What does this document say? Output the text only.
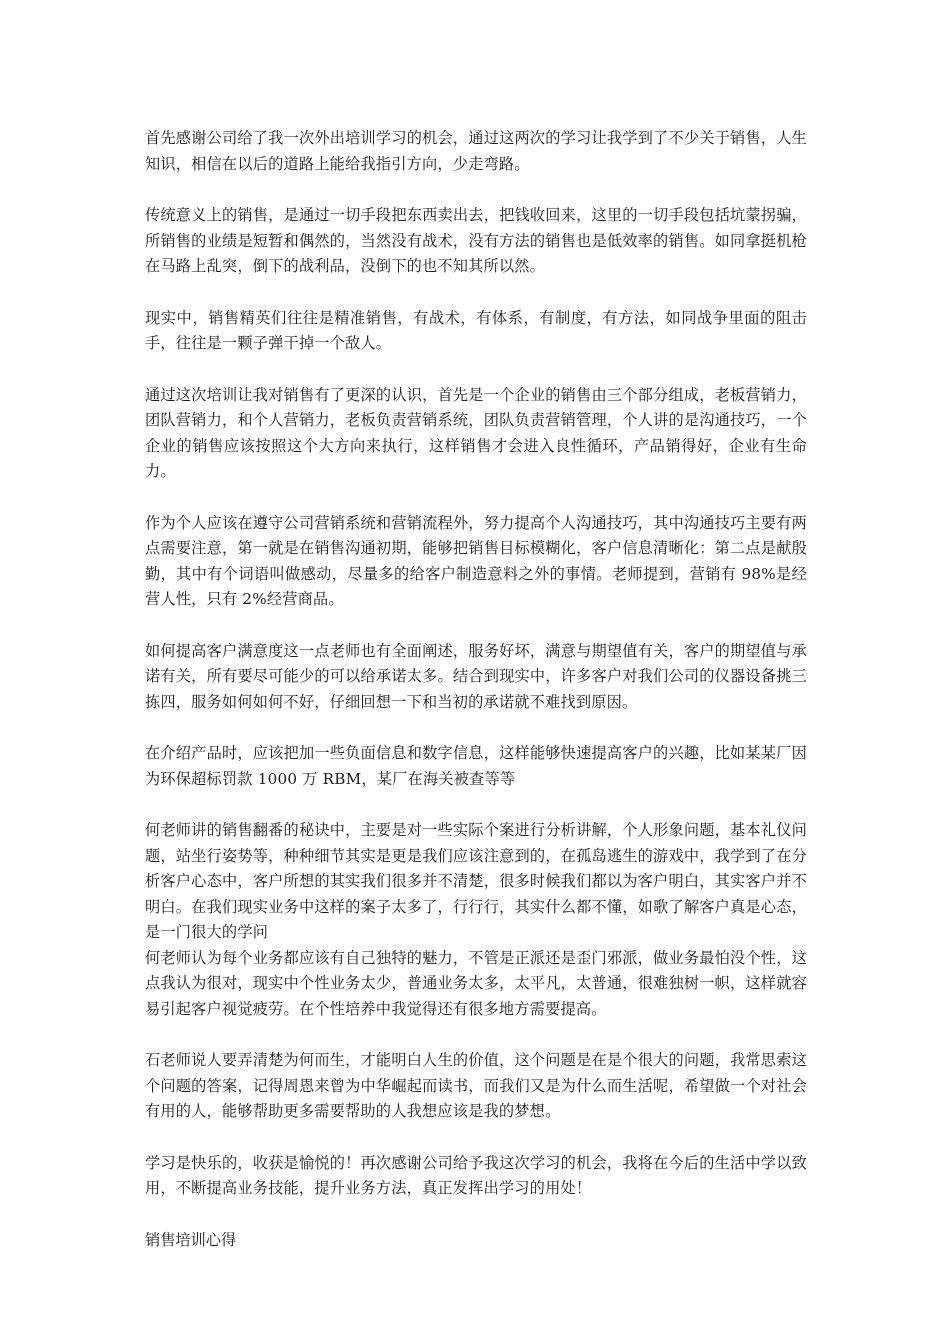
首先感谢公司给了我一次外出培训学习的机会，通过这两次的学习让我学到了不少关于销售，人生知识，相信在以后的道路上能给我指引方向，少走弯路。

传统意义上的销售，是通过一切手段把东西卖出去，把钱收回来，这里的一切手段包括坑蒙拐骗，所销售的业绩是短暂和偶然的，当然没有战术，没有方法的销售也是低效率的销售。如同拿挺机枪在马路上乱突，倒下的战利品，没倒下的也不知其所以然。

现实中，销售精英们往往是精准销售，有战术，有体系，有制度，有方法，如同战争里面的阻击手，往往是一颗子弹干掉一个敌人。

通过这次培训让我对销售有了更深的认识，首先是一个企业的销售由三个部分组成，老板营销力，团队营销力，和个人营销力，老板负责营销系统，团队负责营销管理，个人讲的是沟通技巧，一个企业的销售应该按照这个大方向来执行，这样销售才会进入良性循环，产品销得好，企业有生命力。

作为个人应该在遵守公司营销系统和营销流程外，努力提高个人沟通技巧，其中沟通技巧主要有两点需要注意，第一就是在销售沟通初期，能够把销售目标模糊化，客户信息清晰化：第二点是献殷勤，其中有个词语叫做感动，尽量多的给客户制造意料之外的事情。老师提到，营销有 98%是经营人性，只有 2%经营商品。

如何提高客户满意度这一点老师也有全面阐述，服务好坏，满意与期望值有关，客户的期望值与承诺有关，所有要尽可能少的可以给承诺太多。结合到现实中，许多客户对我们公司的仪器设备挑三拣四，服务如何如何不好，仔细回想一下和当初的承诺就不难找到原因。

在介绍产品时，应该把加一些负面信息和数字信息，这样能够快速提高客户的兴趣，比如某某厂因为环保超标罚款 1000 万 RBM，某厂在海关被查等等

何老师讲的销售翻番的秘诀中，主要是对一些实际个案进行分析讲解，个人形象问题，基本礼仪问题，站坐行姿势等，种种细节其实是更是我们应该注意到的，在孤岛逃生的游戏中，我学到了在分析客户心态中，客户所想的其实我们很多并不清楚，很多时候我们都以为客户明白，其实客户并不明白。在我们现实业务中这样的案子太多了，行行行，其实什么都不懂，如歌了解客户真是心态，是一门很大的学问

何老师认为每个业务都应该有自己独特的魅力，不管是正派还是歪门邪派，做业务最怕没个性，这点我认为很对，现实中个性业务太少，普通业务太多，太平凡，太普通，很难独树一帜，这样就容易引起客户视觉疲劳。在个性培养中我觉得还有很多地方需要提高。

石老师说人要弄清楚为何而生，才能明白人生的价值，这个问题是在是个很大的问题，我常思索这个问题的答案，记得周恩来曾为中华崛起而读书，而我们又是为什么而生活呢，希望做一个对社会有用的人，能够帮助更多需要帮助的人我想应该是我的梦想。

学习是快乐的，收获是愉悦的！再次感谢公司给予我这次学习的机会，我将在今后的生活中学以致用，不断提高业务技能，提升业务方法，真正发挥出学习的用处！

销售培训心得
